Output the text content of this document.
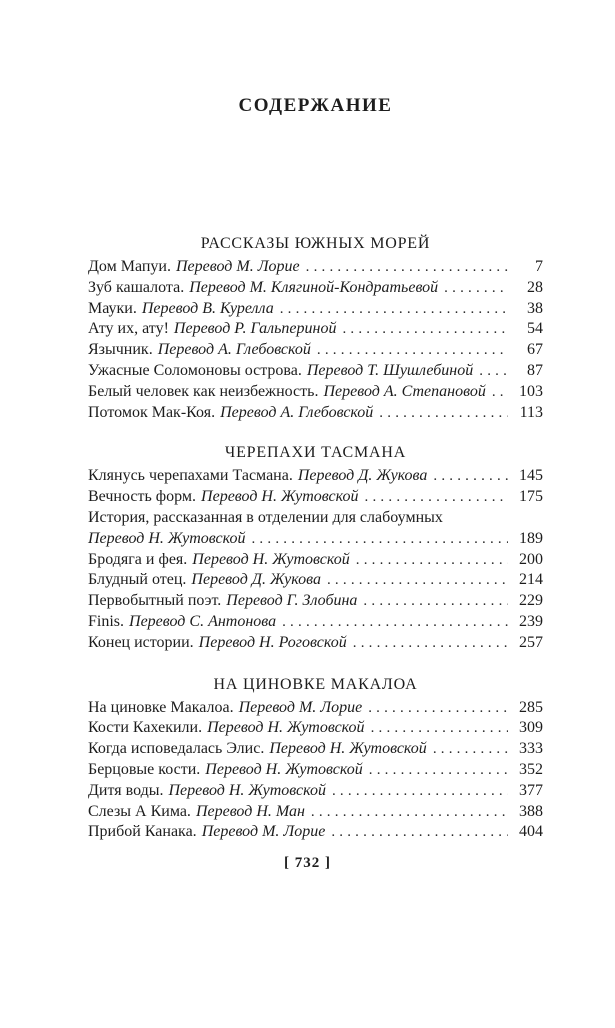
СОДЕРЖАНИЕ
РАССКАЗЫ ЮЖНЫХ МОРЕЙ
Дом Мапуи. Перевод М. Лорие .....	7
Зуб кашалота. Перевод М. Клягиной-Кондратьевой .....	28
Мауки. Перевод В. Курелла .....	38
Ату их, ату! Перевод Р. Гальпериной .....	54
Язычник. Перевод А. Глебовской .....	67
Ужасные Соломоновы острова. Перевод Т. Шушлебиной .....	87
Белый человек как неизбежность. Перевод А. Степановой ..... 103
Потомок Мак-Коя. Перевод А. Глебовской .....	113
ЧЕРЕПАХИ ТАСМАНА
Клянусь черепахами Тасмана. Перевод Д. Жукова .....	145
Вечность форм. Перевод Н. Жутовской .....	175
История, рассказанная в отделении для слабоумных
Перевод Н. Жутовской .....	189
Бродяга и фея. Перевод Н. Жутовской .....	200
Блудный отец. Перевод Д. Жукова .....	214
Первобытный поэт. Перевод Г. Злобина .....	229
Finis. Перевод С. Антонова .....	239
Конец истории. Перевод Н. Роговской .....	257
НА ЦИНОВКЕ МАКАЛОА
На циновке Макалоа. Перевод М. Лорие .....	285
Кости Кахекили. Перевод Н. Жутовской .....	309
Когда исповедалась Элис. Перевод Н. Жутовской .....	333
Берцовые кости. Перевод Н. Жутовской .....	352
Дитя воды. Перевод Н. Жутовской .....	377
Слезы А Кима. Перевод Н. Ман .....	388
Прибой Канака. Перевод М. Лорие .....	404
[ 732 ]
